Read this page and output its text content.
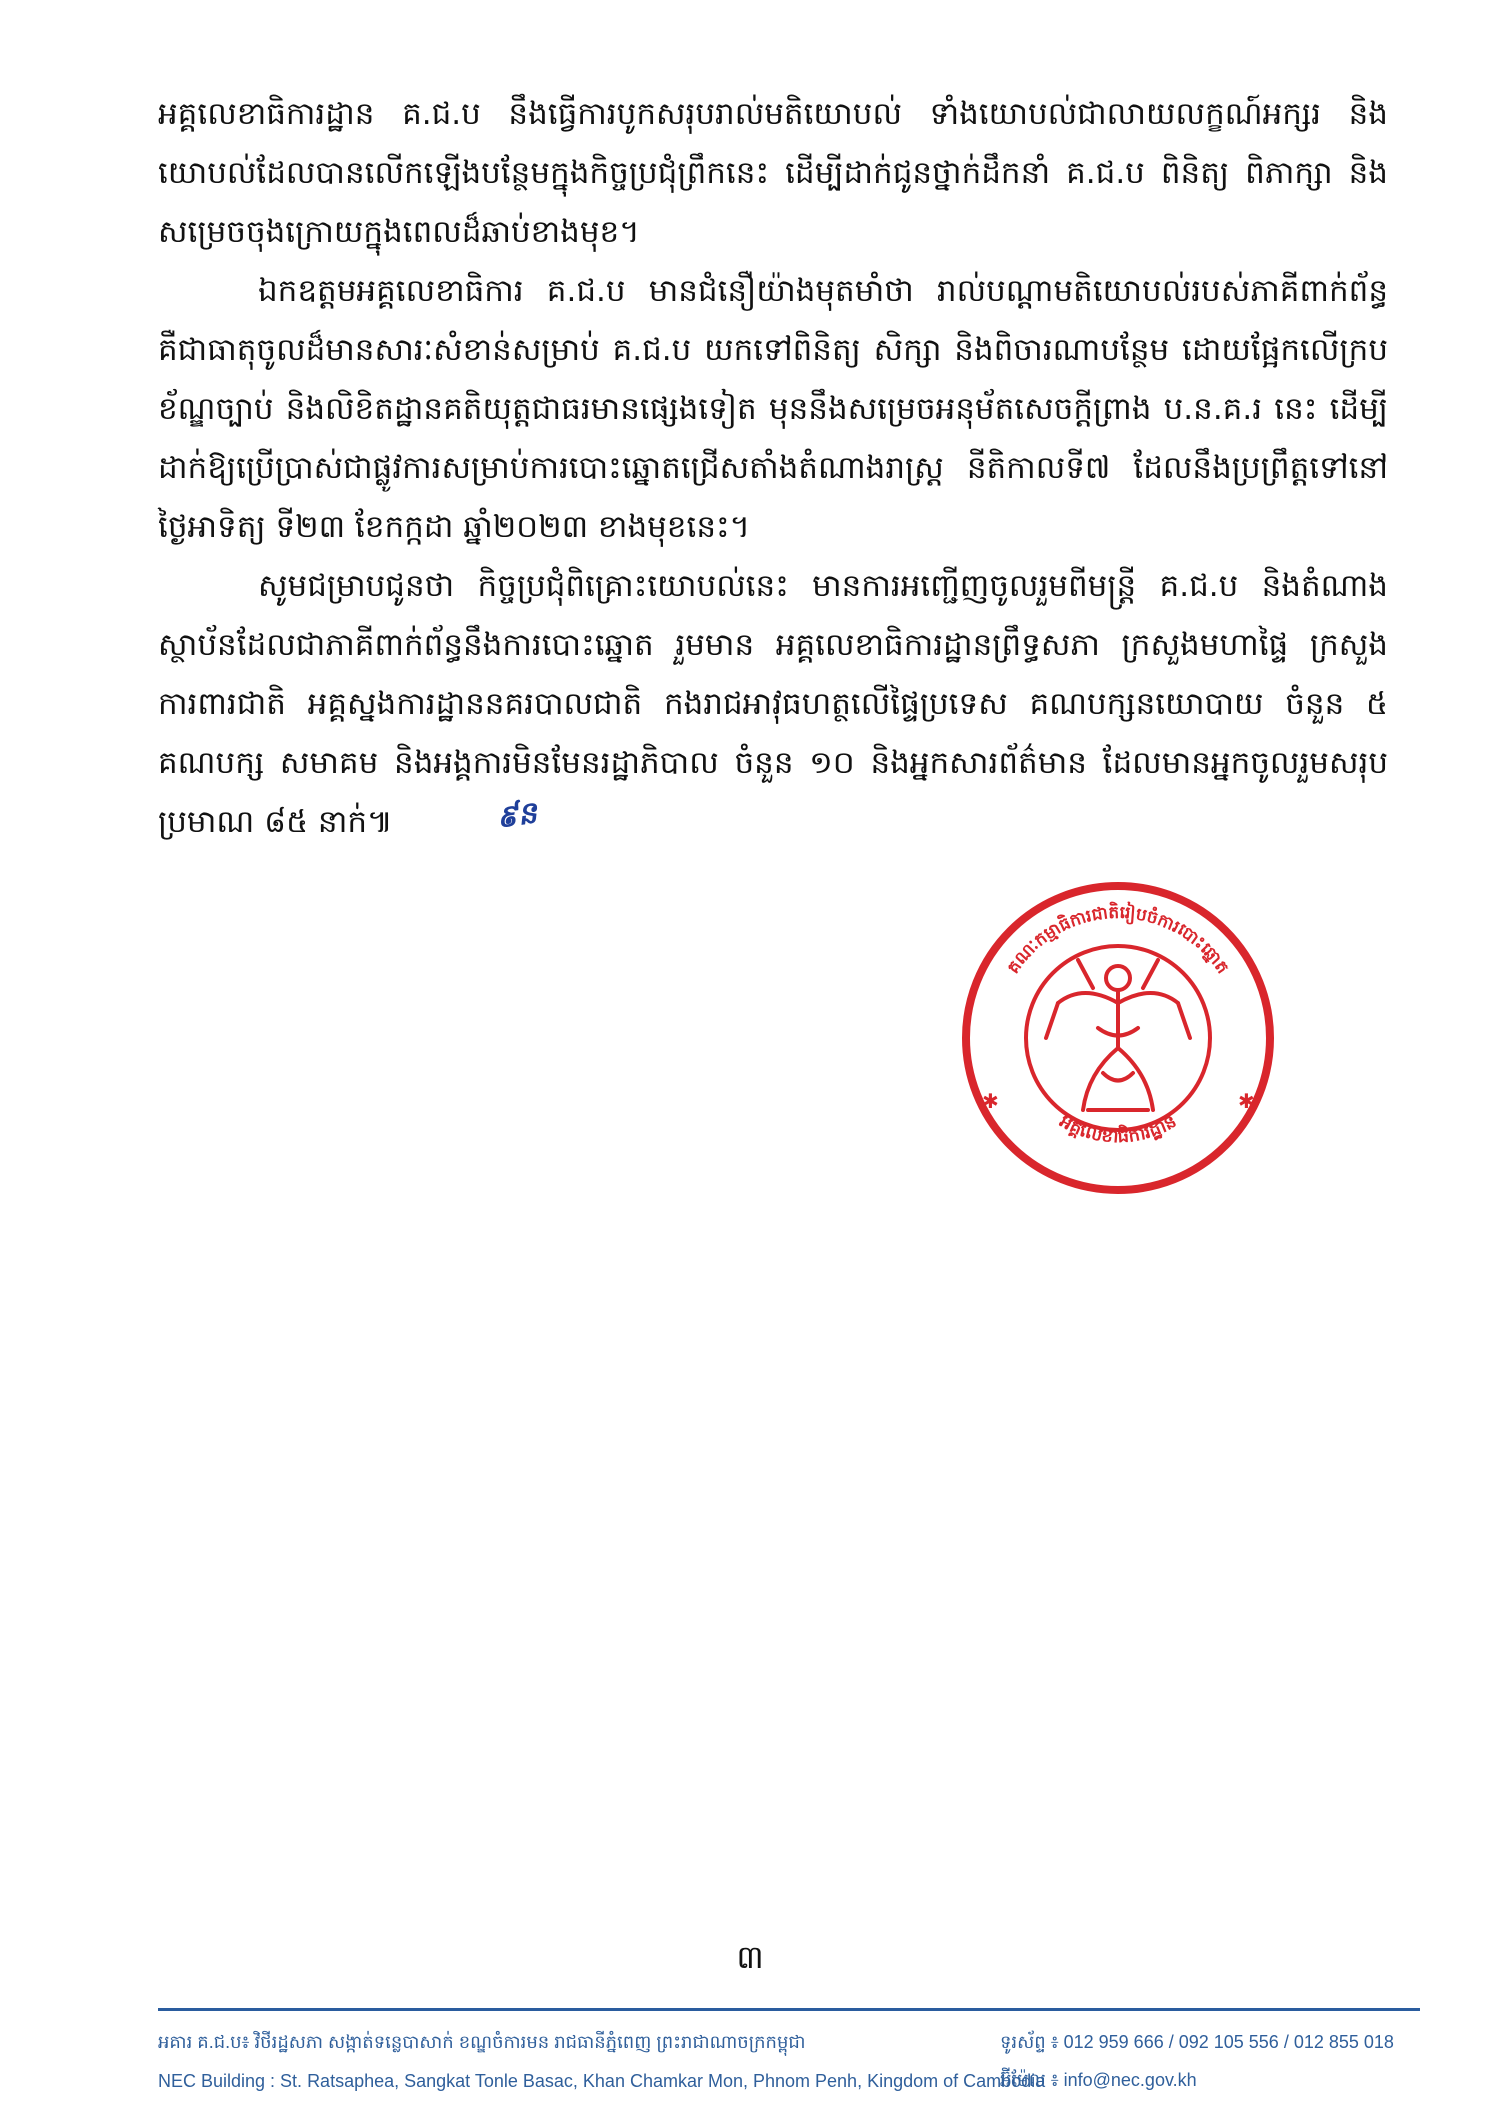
អគ្គលេខាធិការដ្ឋាន គ.ជ.ប នឹងធ្វើការបូកសរុបរាល់មតិយោបល់ ទាំងយោបល់ជាលាយលក្ខណ៍អក្សរ និងយោបល់ដែលបានលើកឡើងបន្ថែមក្នុងកិច្ចប្រជុំព្រឹកនេះ ដើម្បីដាក់ជូនថ្នាក់ដឹកនាំ គ.ជ.ប ពិនិត្យ ពិភាក្សា និងសម្រេចចុងក្រោយក្នុងពេលដ៏ឆាប់ខាងមុខ។

ឯកឧត្តមអគ្គលេខាធិការ គ.ជ.ប មានជំនឿយ៉ាងមុតមាំថា រាល់បណ្តាមតិយោបល់របស់ភាគីពាក់ព័ន្ធ គឺជាធាតុចូលដ៏មានសារៈសំខាន់សម្រាប់ គ.ជ.ប យកទៅពិនិត្យ សិក្សា និងពិចារណាបន្ថែម ដោយផ្អែកលើក្របខ័ណ្ឌច្បាប់ និងលិខិតដ្ឋានគតិយុត្តជាធរមានផ្សេងទៀត មុននឹងសម្រេចអនុម័តសេចក្តីព្រាង ប.ន.គ.រ នេះ ដើម្បីដាក់ឱ្យប្រើប្រាស់ជាផ្លូវការសម្រាប់ការបោះឆ្នោតជ្រើសតាំងតំណាងរាស្ត្រ នីតិកាលទី៧ ដែលនឹងប្រព្រឹត្តទៅនៅថ្ងៃអាទិត្យ ទី២៣ ខែកក្កដា ឆ្នាំ២០២៣ ខាងមុខនេះ។

សូមជម្រាបជូនថា កិច្ចប្រជុំពិគ្រោះយោបល់នេះ មានការអញ្ជើញចូលរួមពីមន្ត្រី គ.ជ.ប និងតំណាងស្ថាប័នដែលជាភាគីពាក់ព័ន្ធនឹងការបោះឆ្នោត រួមមាន អគ្គលេខាធិការដ្ឋានព្រឹទ្ធសភា ក្រសួងមហាផ្ទៃ ក្រសួងការពារជាតិ អគ្គស្នងការដ្ឋាននគរបាលជាតិ កងរាជអាវុធហត្ថលើផ្ទៃប្រទេស គណបក្សនយោបាយ ចំនួន ៥ គណបក្ស សមាគម និងអង្គការមិនមែនរដ្ឋាភិបាល ចំនួន ១០ និងអ្នកសារព័ត៌មាន ដែលមានអ្នកចូលរួមសរុបប្រមាណ ៨៥ នាក់៕	៩ន

គណៈកម្មាធិការជាតិរៀបចំការបោះឆ្នោត
អគ្គលេខាធិការដ្ឋាន
✱	✱
៣
អគារ គ.ជ.ប៖ វិថីរដ្ឋសភា សង្កាត់ទន្លេបាសាក់ ខណ្ឌចំការមន រាជធានីភ្នំពេញ ព្រះរាជាណាចក្រកម្ពុជា	ទូរស័ព្ទ ៖ 012 959 666 / 092 105 556 / 012 855 018
NEC Building : St. Ratsaphea, Sangkat Tonle Basac, Khan Chamkar Mon, Phnom Penh, Kingdom of Cambodia
អ៊ីម៉ែល ៖ info@nec.gov.kh
